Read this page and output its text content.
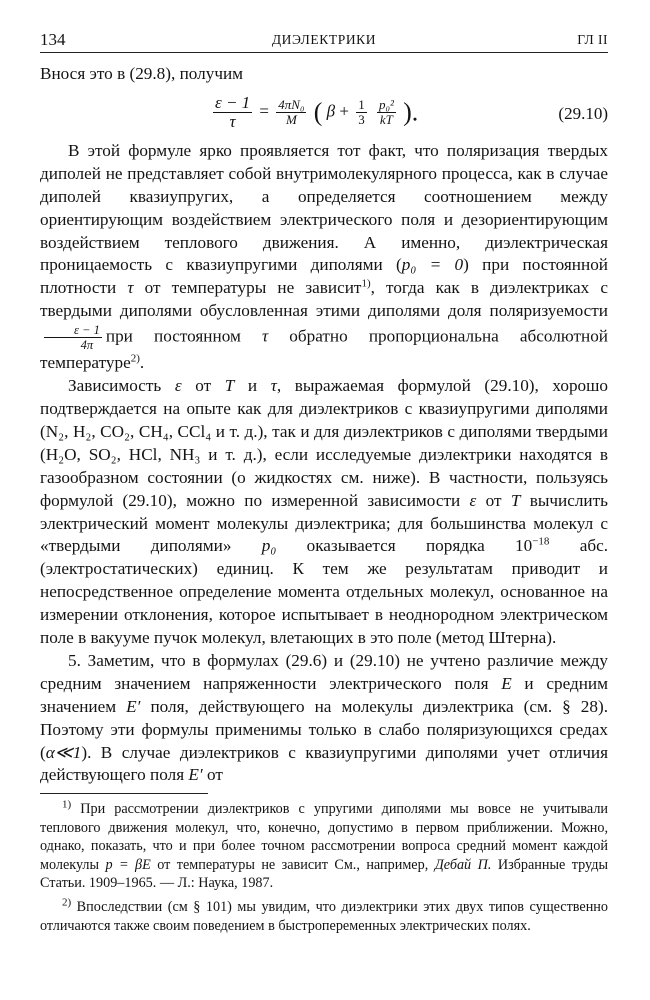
134	ДИЭЛЕКТРИКИ	ГЛ II

Внося это в (29.8), получим

$\frac{\varepsilon - 1}{\tau} = \frac{\text{4πN₀}}{M}$ ( $\beta + \frac{1}{3}$
$\frac{\text{p₀²}}{kT}$ ).	(29.10)

В этой формуле ярко проявляется тот факт, что поляризация твердых диполей не представляет собой внутримолекулярного процесса, как в случае диполей квазиупругих, а определяется соотношением между ориентирующим воздействием электрического поля и дезориентирующим воздействием теплового движения. А именно, диэлектрическая проницаемость с квазиупругими диполями (p₀ = 0) при постоянной плотности τ от температуры не зависит$^{1)}$, тогда как в диэлектриках с твердыми диполями обусловленная этими диполями доля поляризуемости
$\frac{\varepsilon - 1}{4\pi}$ при постоянном τ обратно пропорциональна абсолютной температуре$^{2)}$.

Зависимость ε от T и τ, выражаемая формулой (29.10), хорошо подтверждается на опыте как для диэлектриков с квазиупругими диполями (N₂, H₂, CO₂, CH₄, CCl₄ и т. д.), так и для диэлектриков с диполями твердыми (H₂O, SO₂, HCl, NH₃ и т. д.), если исследуемые диэлектрики находятся в газообразном состоянии (о жидкостях см. ниже). В частности, пользуясь формулой (29.10), можно по измеренной зависимости ε от T вычислить электрический момент молекулы диэлектрика; для большинства молекул с «твердыми диполями» p₀ оказывается порядка $10^{-18}$ абс. (электростатических) единиц. К тем же результатам приводит и непосредственное определение момента отдельных молекул, основанное на измерении отклонения, которое испытывает в неоднородном электрическом поле в вакууме пучок молекул, влетающих в это поле (метод Штерна).

5. Заметим, что в формулах (29.6) и (29.10) не учтено различие между средним значением напряженности электрического поля E и средним значением E′ поля, действующего на молекулы диэлектрика (см. § 28). Поэтому эти формулы применимы только в слабо поляризующихся средах (α≪1). В случае диэлектриков с квазиупругими диполями учет отличия действующего поля E′ от

$^{1)}$ При рассмотрении диэлектриков с упругими диполями мы вовсе не учитывали теплового движения молекул, что, конечно, допустимо в первом приближении. Можно, однако, показать, что и при более точном рассмотрении вопроса средний момент каждой молекулы p = βE от температуры не зависит См., например, Дебай П. Избранные труды Статьи. 1909–1965. — Л.: Наука, 1987.

$^{2)}$ Впоследствии (см § 101) мы увидим, что диэлектрики этих двух типов существенно отличаются также своим поведением в быстропеременных электрических полях.
